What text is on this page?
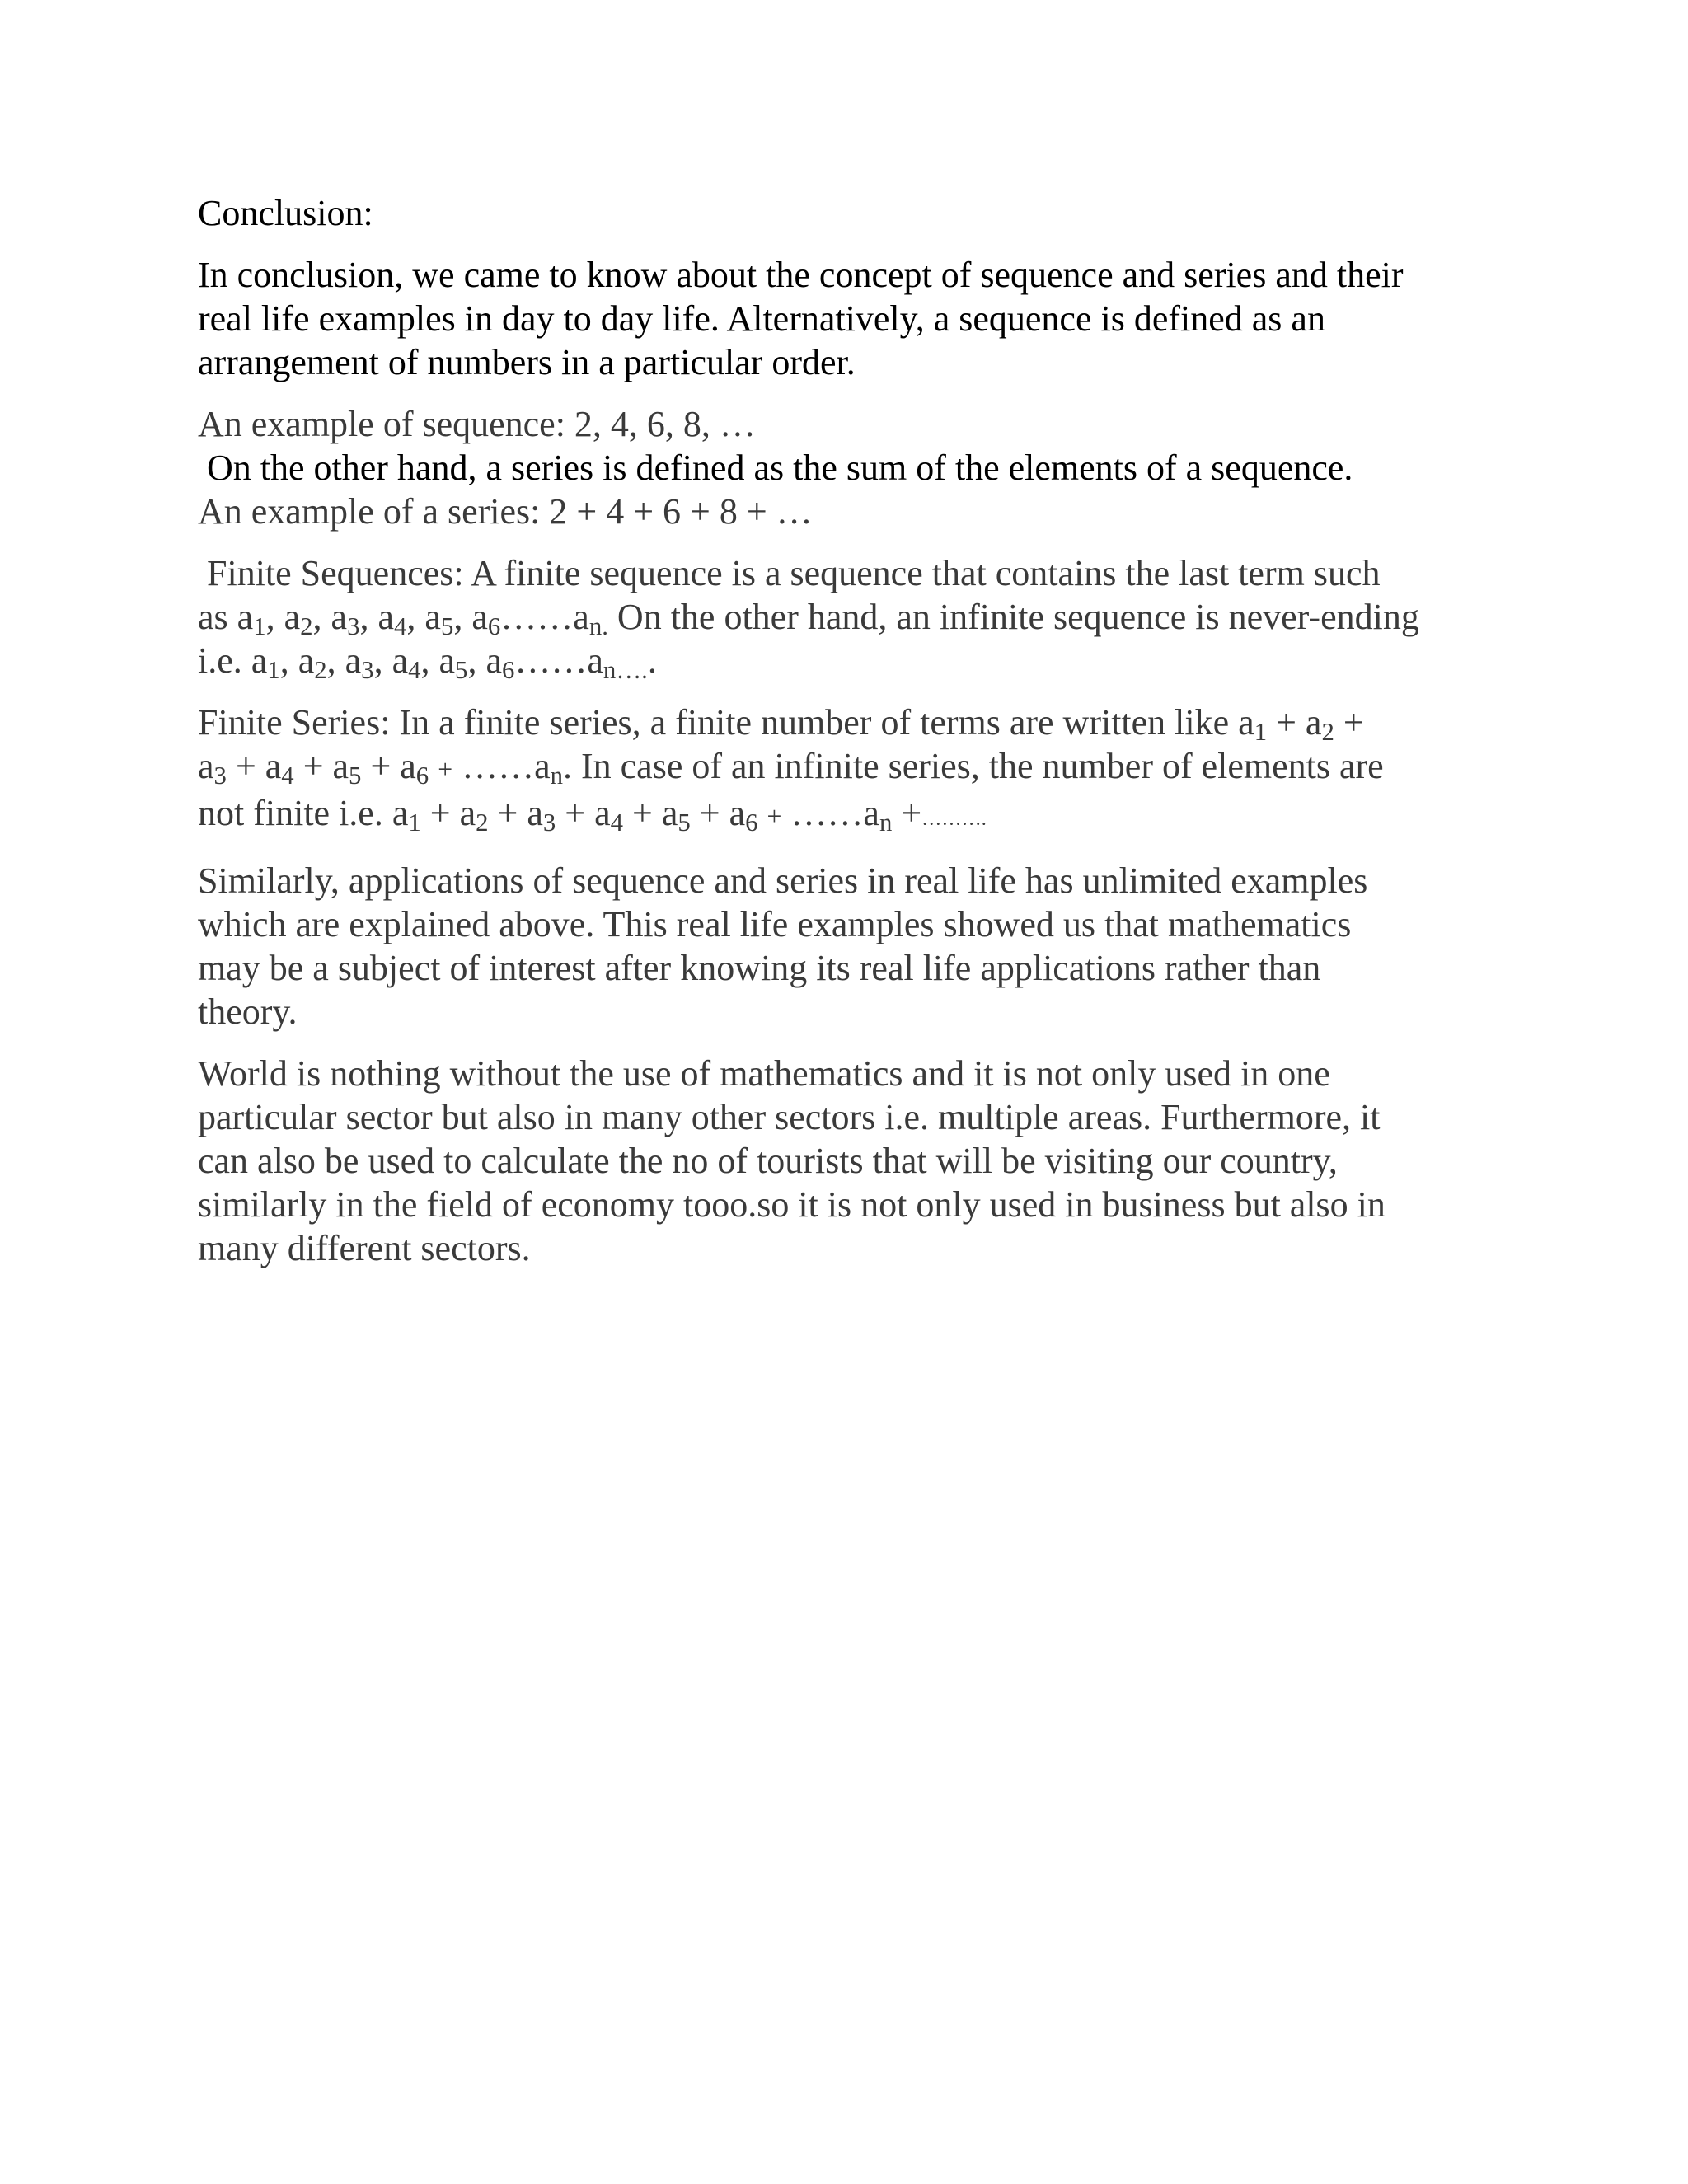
Conclusion:

In conclusion, we came to know about the concept of sequence and series and their

real life examples in day to day life. Alternatively, a sequence is defined as an

arrangement of numbers in a particular order.

An example of sequence: 2, 4, 6, 8, …

On the other hand, a series is defined as the sum of the elements of a sequence.

An example of a series: 2 + 4 + 6 + 8 + …

Finite Sequences: A finite sequence is a sequence that contains the last term such

as $a_1$, $a_2$, $a_3$, $a_4$, $a_5$, $a_6\dots\dots a_{n.}$ On the other hand, an infinite sequence is never-ending

i.e. $a_1$, $a_2$, $a_3$, $a_4$, $a_5$, $a_6\dots\dots a_{n\dots.}$.

Finite Series: In a finite series, a finite number of terms are written like $a_1 + a_2$ +

$a_3 + a_4 + a_5 + a_6$ + $\dots\dots a_n$. In case of an infinite series, the number of elements are

not finite i.e. $a_1 + a_2 + a_3 + a_4 + a_5 + a_6$ + $\dots\dots a_n$ +……….

Similarly, applications of sequence and series in real life has unlimited examples

which are explained above. This real life examples showed us that mathematics

may be a subject of interest after knowing its real life applications rather than

theory.

World is nothing without the use of mathematics and it is not only used in one

particular sector but also in many other sectors i.e. multiple areas. Furthermore, it

can also be used to calculate the no of tourists that will be visiting our country,

similarly in the field of economy tooo.so it is not only used in business but also in

many different sectors.
